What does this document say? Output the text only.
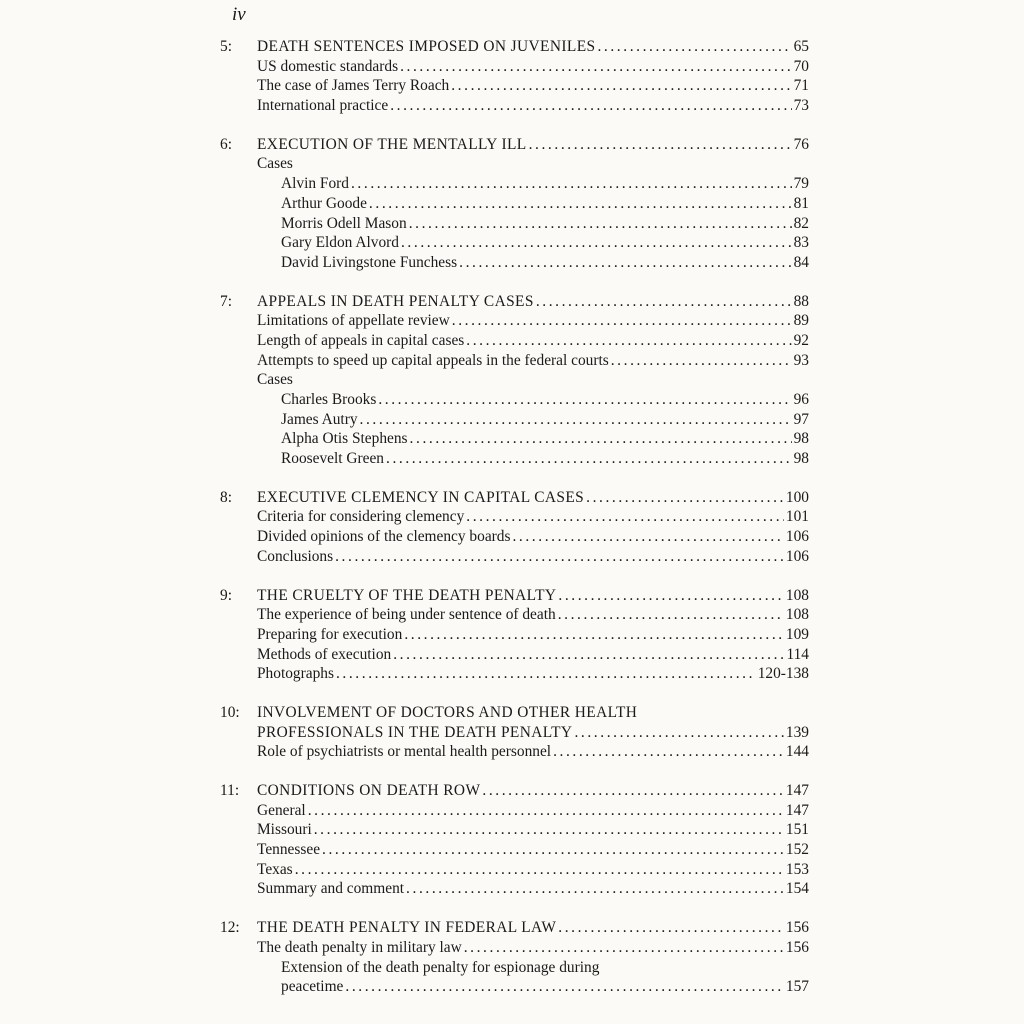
iv
5: DEATH SENTENCES IMPOSED ON JUVENILES .....	65
US domestic standards .....	70
The case of James Terry Roach .....	71
International practice .....	73
6: EXECUTION OF THE MENTALLY ILL .....	76
Cases
Alvin Ford .....	79
Arthur Goode .....	81
Morris Odell Mason .....	82
Gary Eldon Alvord .....	83
David Livingstone Funchess .....	84
7: APPEALS IN DEATH PENALTY CASES .....	88
Limitations of appellate review .....	89
Length of appeals in capital cases .....	92
Attempts to speed up capital appeals in the federal courts .....	93
Cases
Charles Brooks .....	96
James Autry .....	97
Alpha Otis Stephens .....	98
Roosevelt Green .....	98
8: EXECUTIVE CLEMENCY IN CAPITAL CASES .....	100
Criteria for considering clemency .....	101
Divided opinions of the clemency boards .....	106
Conclusions .....	106
9: THE CRUELTY OF THE DEATH PENALTY .....	108
The experience of being under sentence of death .....	108
Preparing for execution .....	109
Methods of execution .....	114
Photographs .....	120-138
10: INVOLVEMENT OF DOCTORS AND OTHER HEALTH
PROFESSIONALS IN THE DEATH PENALTY .....	139
Role of psychiatrists or mental health personnel .....	144
11: CONDITIONS ON DEATH ROW .....	147
General .....	147
Missouri .....	151
Tennessee .....	152
Texas .....	153
Summary and comment .....	154
12: THE DEATH PENALTY IN FEDERAL LAW .....	156
The death penalty in military law .....	156
Extension of the death penalty for espionage during
peacetime .....	157
